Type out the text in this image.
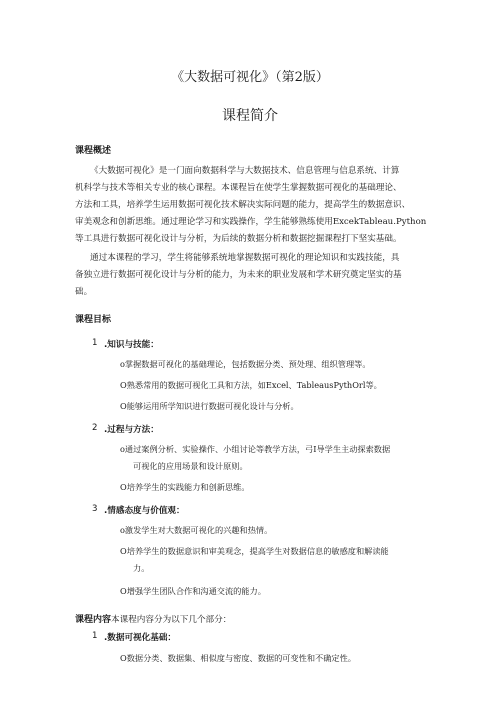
《大数据可视化》（第2版）
课程简介
课程概述
《大数据可视化》是一门面向数据科学与大数据技术、信息管理与信息系统、计算
机科学与技术等相关专业的核心课程。本课程旨在使学生掌握数据可视化的基础理论、
方法和工具，培养学生运用数据可视化技术解决实际问题的能力，提高学生的数据意识、
审美观念和创新思维。通过理论学习和实践操作，学生能够熟练使用ExcekTableau.Python
等工具进行数据可视化设计与分析，为后续的数据分析和数据挖掘课程打下坚实基础。
通过本课程的学习，学生将能够系统地掌握数据可视化的理论知识和实践技能，具
备独立进行数据可视化设计与分析的能力，为未来的职业发展和学术研究奠定坚实的基
础。
课程目标
1 .知识与技能：
o掌握数据可视化的基础理论，包括数据分类、预处理、组织管理等。
O熟悉常用的数据可视化工具和方法，如Excel、TableausPythOrl等。
O能够运用所学知识进行数据可视化设计与分析。
2 .过程与方法：
o通过案例分析、实验操作、小组讨论等教学方法，弓I导学生主动探索数据
可视化的应用场景和设计原则。
O培养学生的实践能力和创新思维。
3 .情感态度与价值观：
o激发学生对大数据可视化的兴趣和热情。
O培养学生的数据意识和审美观念，提高学生对数据信息的敏感度和解读能
力。
O增强学生团队合作和沟通交流的能力。
课程内容本课程内容分为以下几个部分：
1 .数据可视化基础：
O数据分类、数据集、相似度与密度、数据的可变性和不确定性。
